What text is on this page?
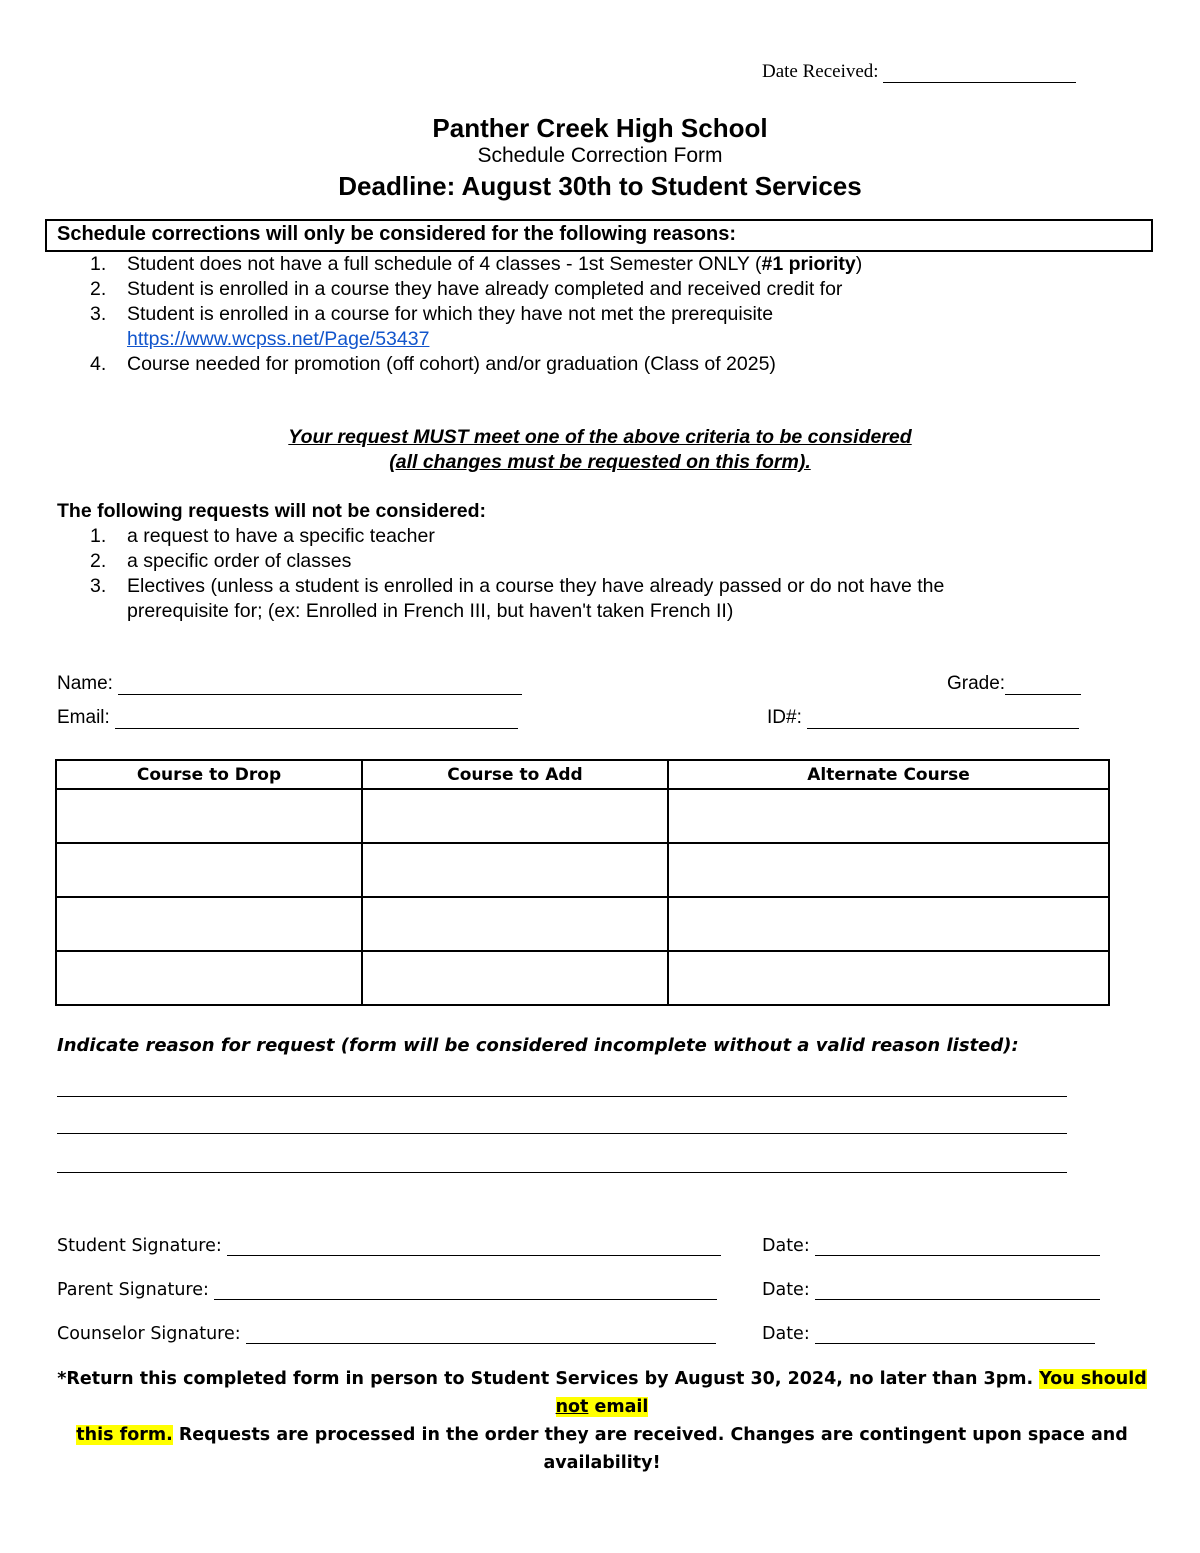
Date Received:
Panther Creek High School
Schedule Correction Form
Deadline: August 30th to Student Services
Schedule corrections will only be considered for the following reasons:
1. Student does not have a full schedule of 4 classes - 1st Semester ONLY (#1 priority)
2. Student is enrolled in a course they have already completed and received credit for
3. Student is enrolled in a course for which they have not met the prerequisite
https://www.wcpss.net/Page/53437
4. Course needed for promotion (off cohort) and/or graduation (Class of 2025)
Your request MUST meet one of the above criteria to be considered
(all changes must be requested on this form).
The following requests will not be considered:
1. a request to have a specific teacher
2. a specific order of classes
3. Electives (unless a student is enrolled in a course they have already passed or do not have the
prerequisite for; (ex: Enrolled in French III, but haven't taken French II)
Name:	Grade:
Email:	ID#:
Course to Drop	Course to Add	Alternate Course

Indicate reason for request (form will be considered incomplete without a valid reason listed):
Student Signature:	Date:
Parent Signature:	Date:
Counselor Signature:	Date:
*Return this completed form in person to Student Services by August 30, 2024, no later than 3pm. You should not email
this form. Requests are processed in the order they are received. Changes are contingent upon space and availability!
